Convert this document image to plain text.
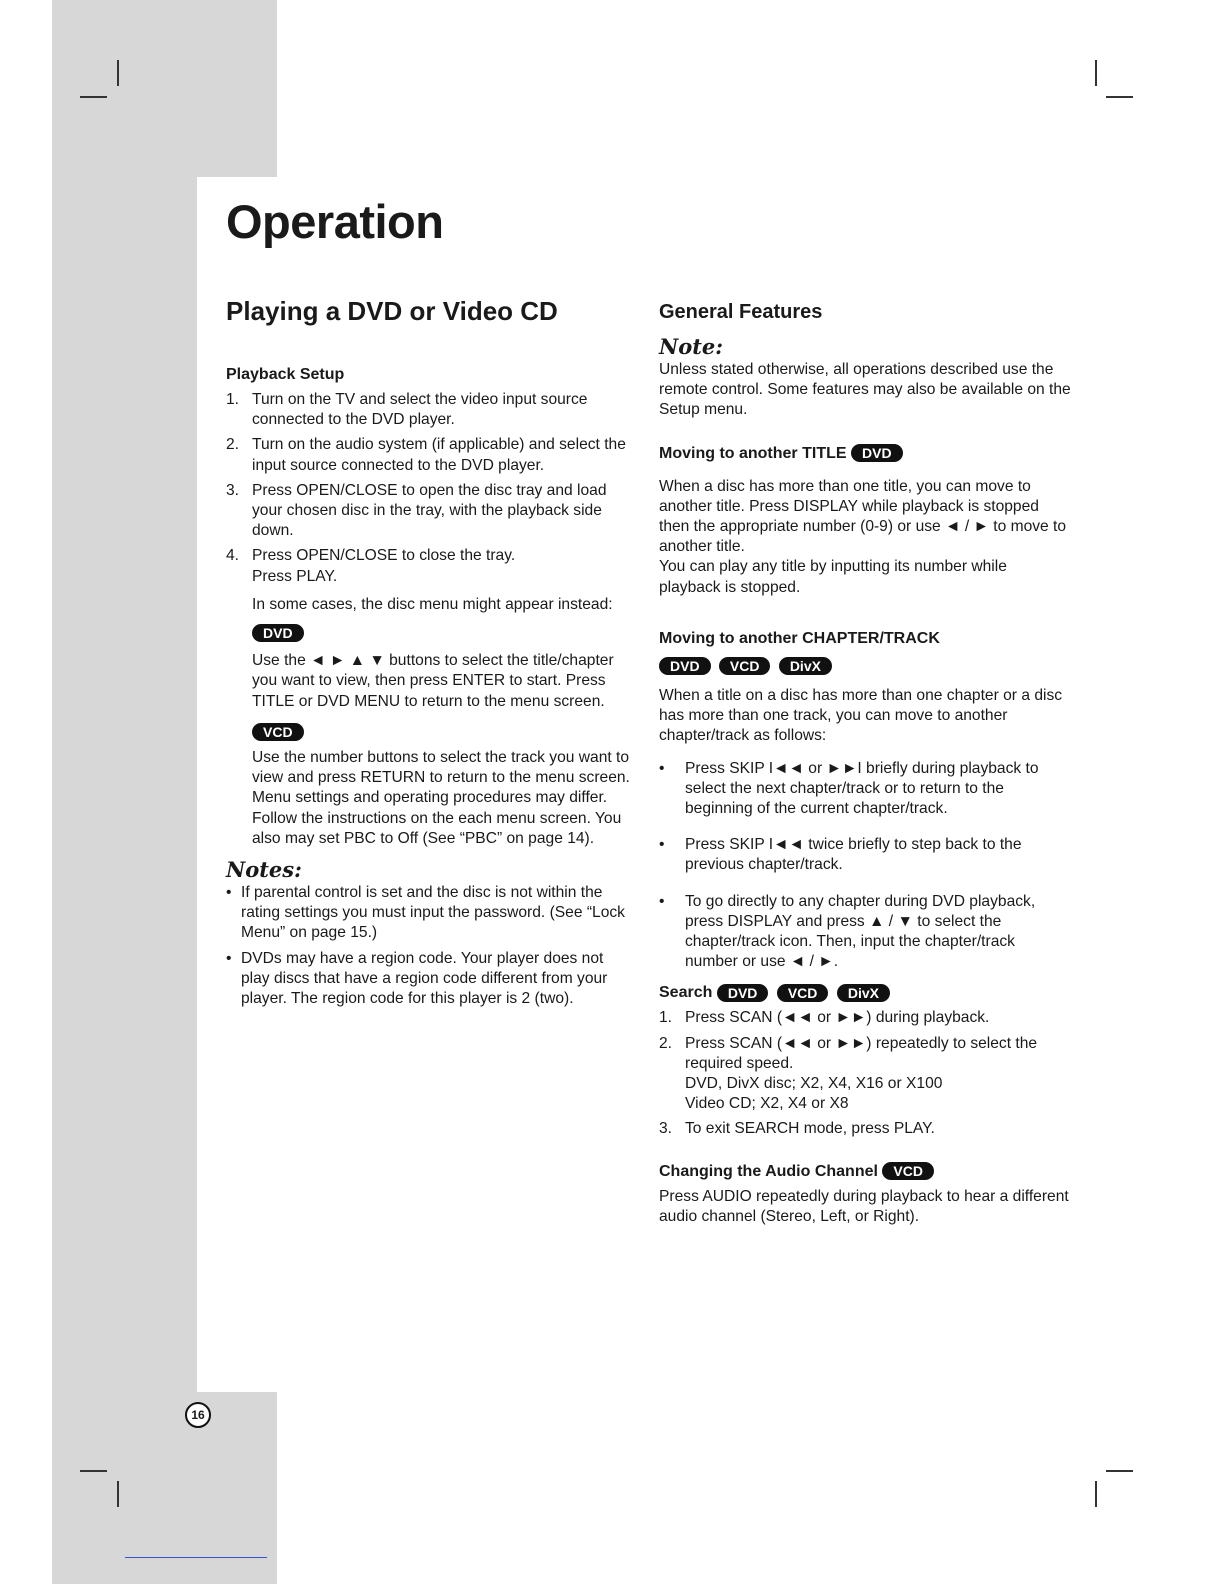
Operation
Playing a DVD or Video CD
Playback Setup
1. Turn on the TV and select the video input source connected to the DVD player.
2. Turn on the audio system (if applicable) and select the input source connected to the DVD player.
3. Press OPEN/CLOSE to open the disc tray and load your chosen disc in the tray, with the playback side down.
4. Press OPEN/CLOSE to close the tray.
Press PLAY.

In some cases, the disc menu might appear instead:

DVD

Use the ◄ ► ▲ ▼ buttons to select the title/chapter you want to view, then press ENTER to start. Press TITLE or DVD MENU to return to the menu screen.

VCD

Use the number buttons to select the track you want to view and press RETURN to return to the menu screen. Menu settings and operating procedures may differ. Follow the instructions on the each menu screen. You also may set PBC to Off (See “PBC” on page 14).

Notes:

• If parental control is set and the disc is not within the rating settings you must input the password. (See “Lock Menu” on page 15.)
• DVDs may have a region code. Your player does not play discs that have a region code different from your player. The region code for this player is 2 (two).
General Features

Note:

Unless stated otherwise, all operations described use the remote control. Some features may also be available on the Setup menu.

Moving to another TITLE DVD

When a disc has more than one title, you can move to another title. Press DISPLAY while playback is stopped then the appropriate number (0-9) or use ◄ / ► to move to another title.

You can play any title by inputting its number while playback is stopped.

Moving to another CHAPTER/TRACK
DVD VCD DivX

When a title on a disc has more than one chapter or a disc has more than one track, you can move to another chapter/track as follows:

• Press SKIP I◄◄ or ►►I briefly during playback to select the next chapter/track or to return to the beginning of the current chapter/track.
• Press SKIP I◄◄ twice briefly to step back to the previous chapter/track.
• To go directly to any chapter during DVD playback, press DISPLAY and press ▲ / ▼ to select the chapter/track icon. Then, input the chapter/track number or use ◄ / ►.
Search DVD VCD DivX
1. Press SCAN (◄◄ or ►►) during playback.
2. Press SCAN (◄◄ or ►►) repeatedly to select the required speed.
DVD, DivX disc; X2, X4, X16 or X100
Video CD; X2, X4 or X8
3. To exit SEARCH mode, press PLAY.
Changing the Audio Channel VCD

Press AUDIO repeatedly during playback to hear a different audio channel (Stereo, Left, or Right).

16
